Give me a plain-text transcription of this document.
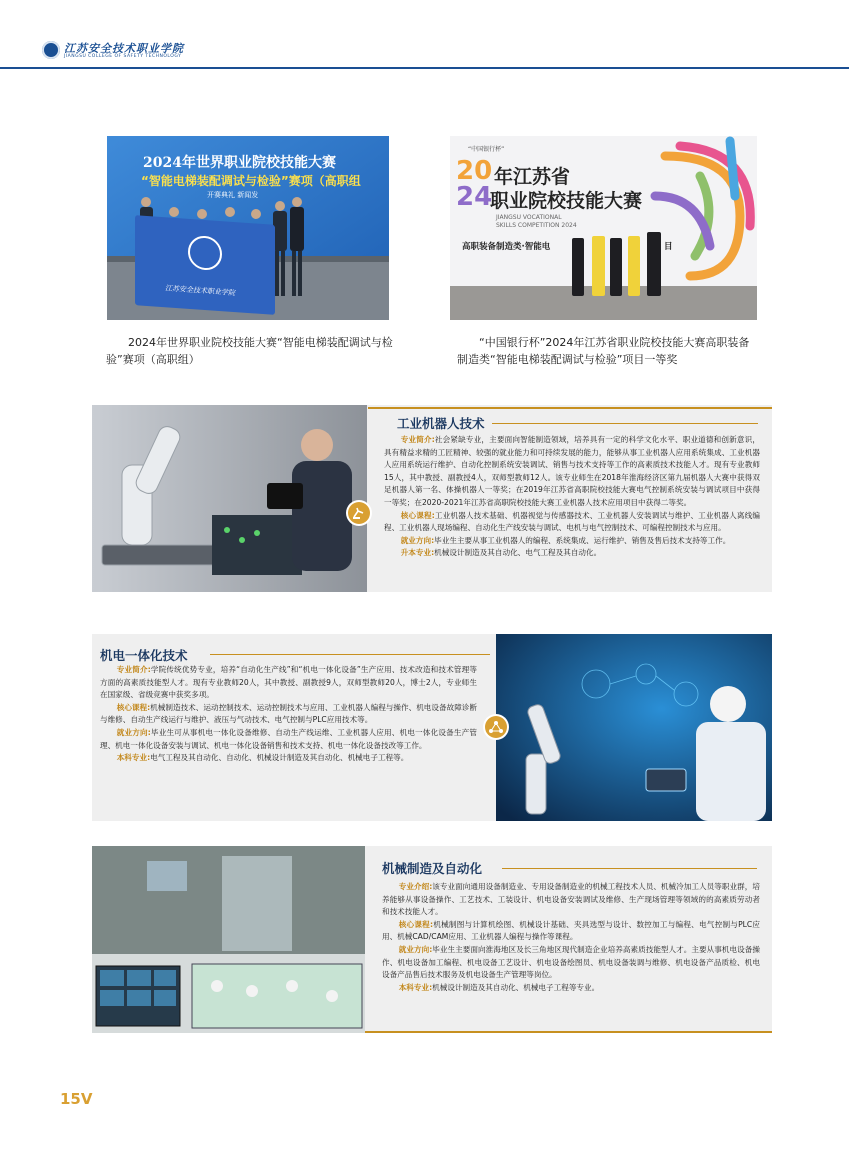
江苏安全技术职业学院
JIANGSU COLLEGE OF SAFETY TECHNOLOGY
2024年世界职业院校技能大赛
“智能电梯装配调试与检验”赛项（高职组
开赛典礼 新闻发
江苏安全技术职业学院
2024年世界职业院校技能大赛“智能电梯装配调试与检验”赛项（高职组）
“中国银行杯”
20
24
年江苏省
职业院校技能大赛
JIANGSU VOCATIONAL
SKILLS COMPETITION 2024
高职装备制造类·智能电	目
“中国银行杯”2024年江苏省职业院校技能大赛高职装备制造类“智能电梯装配调试与检验”项目一等奖
工业机器人技术

专业简介:社会紧缺专业，主要面向智能制造领域，培养具有一定的科学文化水平、职业道德和创新意识，具有精益求精的工匠精神、较强的就业能力和可持续发展的能力，能够从事工业机器人应用系统集成、工业机器人应用系统运行维护、自动化控制系统安装调试、销售与技术支持等工作的高素质技术技能人才。现有专业教师15人，其中教授、副教授4人，双师型教师12人。该专业师生在2018年淮海经济区第九届机器人大赛中获得双足机器人第一名、体操机器人一等奖；在2019年江苏省高职院校技能大赛电气控制系统安装与调试项目中获得一等奖；在2020-2021年江苏省高职院校技能大赛工业机器人技术应用项目中获得二等奖。

核心课程:工业机器人技术基础、机器视觉与传感器技术、工业机器人安装调试与维护、工业机器人离线编程、工业机器人现场编程、自动化生产线安装与调试、电机与电气控制技术、可编程控制技术与应用。

就业方向:毕业生主要从事工业机器人的编程、系统集成、运行维护、销售及售后技术支持等工作。

升本专业:机械设计制造及其自动化、电气工程及其自动化。

机电一体化技术

专业简介:学院传统优势专业，培养“自动化生产线”和“机电一体化设备”生产应用、技术改造和技术管理等方面的高素质技能型人才。现有专业教师20人，其中教授、副教授9人，双师型教师20人，博士2人，专业师生在国家级、省级竞赛中获奖多项。

核心课程:机械制造技术、运动控制技术、运动控制技术与应用、工业机器人编程与操作、机电设备故障诊断与维修、自动生产线运行与维护、液压与气动技术、电气控制与PLC应用技术等。

就业方向:毕业生可从事机电一体化设备维修、自动生产线运维、工业机器人应用、机电一体化设备生产管理、机电一体化设备安装与调试、机电一体化设备销售和技术支持、机电一体化设备技改等工作。

本科专业:电气工程及其自动化、自动化、机械设计制造及其自动化、机械电子工程等。

机械制造及自动化

专业介绍:该专业面向通用设备制造业、专用设备制造业的机械工程技术人员、机械冷加工人员等职业群，培养能够从事设备操作、工艺技术、工装设计、机电设备安装调试及维修、生产现场管理等领域的的高素质劳动者和技术技能人才。

核心课程:机械制图与计算机绘图、机械设计基础、夹具选型与设计、数控加工与编程、电气控制与PLC应用、机械CAD/CAM应用、工业机器人编程与操作等课程。

就业方向:毕业生主要面向淮海地区及长三角地区现代制造企业培养高素质技能型人才。主要从事机电设备操作、机电设备加工编程、机电设备工艺设计、机电设备绘图员、机电设备装调与维修、机电设备产品质检、机电设备产品售后技术服务及机电设备生产管理等岗位。

本科专业:机械设计制造及其自动化、机械电子工程等专业。

15V
